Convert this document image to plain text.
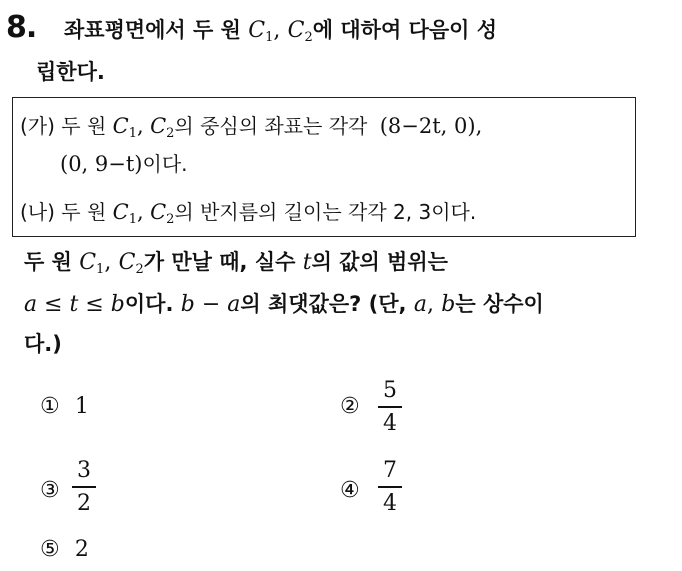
8. 좌표평면에서 두 원 $C_1$, $C_2$에 대하여 다음이 성
립한다.
(가) 두 원 $C_1$, $C_2$의 중심의 좌표는 각각 (8−2t, 0),
(0, 9−t)이다.
(나) 두 원 $C_1$, $C_2$의 반지름의 길이는 각각 2, 3이다.
두 원 $C_1$, $C_2$가 만날 때, 실수 t의 값의 범위는
a ≤ t ≤ b이다. b − a의 최댓값은? (단, a, b는 상수이
다.)
① 1	②
5
4
③
3
2	④
7
4
⑤ 2
